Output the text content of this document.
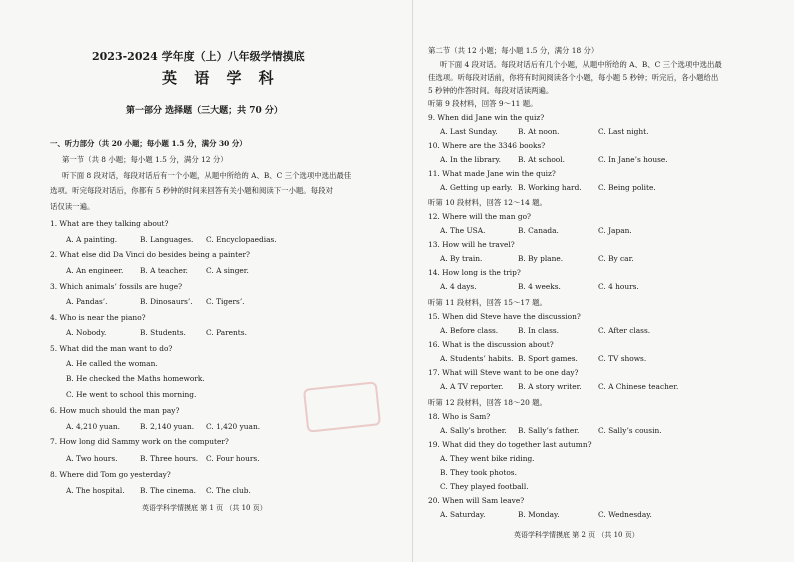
2023-2024 学年度（上）八年级学情摸底
英 语 学 科
第一部分 选择题（三大题；共 70 分）
一、听力部分（共 20 小题；每小题 1.5 分，满分 30 分）
第一节（共 8 小题；每小题 1.5 分，满分 12 分）
听下面 8 段对话，每段对话后有一个小题，从题中所给的 A、B、C 三个选项中选出最佳
选项。听完每段对话后，你都有 5 秒钟的时间来回答有关小题和阅读下一小题。每段对
话仅读一遍。
1. What are they talking about?
A. A painting.	B. Languages. C. Encyclopaedias.
2. What else did Da Vinci do besides being a painter?
A. An engineer. B. A teacher. C. A singer.
3. Which animals’ fossils are huge?
A. Pandas’.	B. Dinosaurs’. C. Tigers’.
4. Who is near the piano?
A. Nobody.	B. Students.	C. Parents.
5. What did the man want to do?
A. He called the woman.
B. He checked the Maths homework.
C. He went to school this morning.
6. How much should the man pay?
A. 4,210 yuan.	B. 2,140 yuan. C. 1,420 yuan.
7. How long did Sammy work on the computer?
A. Two hours.	B. Three hours. C. Four hours.
8. Where did Tom go yesterday?
A. The hospital. B. The cinema. C. The club.
英语学科学情摸底 第 1 页 （共 10 页）
第二节（共 12 小题；每小题 1.5 分，满分 18 分）
听下面 4 段对话。每段对话后有几个小题，从题中所给的 A、B、C 三个选项中选出最
佳选项。听每段对话前，你将有时间阅读各个小题，每小题 5 秒钟；听完后，各小题给出
5 秒钟的作答时间。每段对话读两遍。
听第 9 段材料，回答 9～11 题。
9. When did Jane win the quiz?
A. Last Sunday.	B. At noon.	C. Last night.
10. Where are the 3346 books?
A. In the library. B. At school.	C. In Jane’s house.
11. What made Jane win the quiz?
A. Getting up early. B. Working hard. C. Being polite.
听第 10 段材料，回答 12～14 题。
12. Where will the man go?
A. The USA.	B. Canada.	C. Japan.
13. How will he travel?
A. By train.	B. By plane.	C. By car.
14. How long is the trip?
A. 4 days.	B. 4 weeks.	C. 4 hours.
听第 11 段材料，回答 15～17 题。
15. When did Steve have the discussion?
A. Before class.	B. In class.	C. After class.
16. What is the discussion about?
A. Students’ habits. B. Sport games.	C. TV shows.
17. What will Steve want to be one day?
A. A TV reporter. B. A story writer. C. A Chinese teacher.
听第 12 段材料，回答 18～20 题。
18. Who is Sam?
A. Sally’s brother. B. Sally’s father.	C. Sally’s cousin.
19. What did they do together last autumn?
A. They went bike riding.
B. They took photos.
C. They played football.
20. When will Sam leave?
A. Saturday.	B. Monday.	C. Wednesday.
英语学科学情摸底 第 2 页 （共 10 页）
